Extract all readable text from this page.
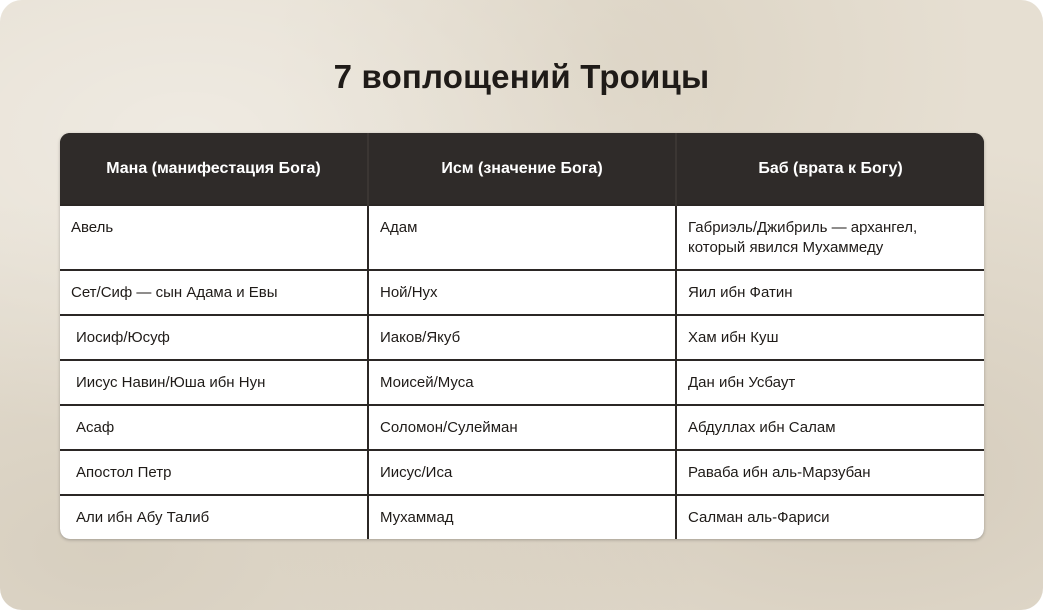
7 воплощений Троицы
Мана (манифестация Бога)	Исм (значение Бога)	Баб (врата к Богу)
Авель	Адам	Габриэль/Джибриль — архангел, который явился Мухаммеду
Сет/Сиф — сын Адама и Евы	Ной/Нух	Яил ибн Фатин
Иосиф/Юсуф	Иаков/Якуб	Хам ибн Куш
Иисус Навин/Юша ибн Нун	Моисей/Муса	Дан ибн Усбаут
Асаф	Соломон/Сулейман	Абдуллах ибн Салам
Апостол Петр	Иисус/Иса	Раваба ибн аль-Марзубан
Али ибн Абу Талиб	Мухаммад	Салман аль-Фариси
